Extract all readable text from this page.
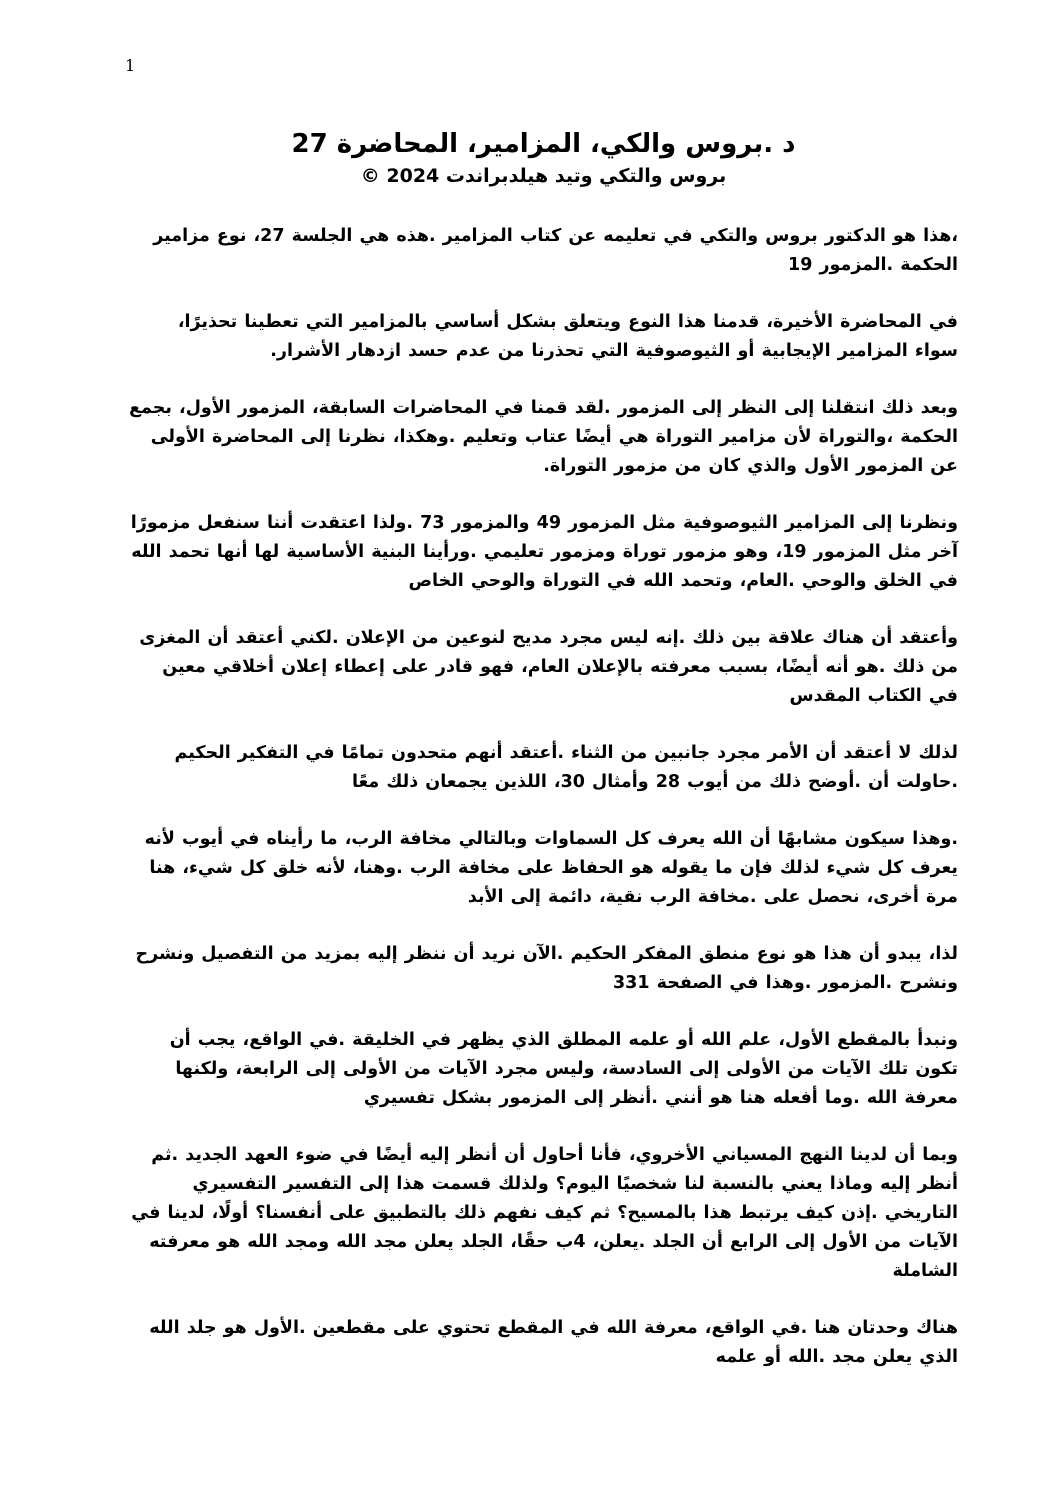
1
د .بروس والكي، المزامير، المحاضرة 27
بروس والتكي وتيد هيلدبراندت 2024 ©

،هذا هو الدكتور بروس والتكي في تعليمه عن كتاب المزامير .هذه هي الجلسة 27، نوع مزامير الحكمة .المزمور 19

في المحاضرة الأخيرة، قدمنا هذا النوع ويتعلق بشكل أساسي بالمزامير التي تعطينا تحذيرًا، سواء المزامير الإيجابية أو الثيوصوفية التي تحذرنا من عدم حسد ازدهار الأشرار.

وبعد ذلك انتقلنا إلى النظر إلى المزمور .لقد قمنا في المحاضرات السابقة، المزمور الأول، بجمع الحكمة ،والتوراة لأن مزامير التوراة هي أيضًا عتاب وتعليم .وهكذا، نظرنا إلى المحاضرة الأولى عن المزمور الأول والذي كان من مزمور التوراة.

ونظرنا إلى المزامير الثيوصوفية مثل المزمور 49 والمزمور 73 .ولذا اعتقدت أننا سنفعل مزمورًا آخر مثل المزمور 19، وهو مزمور توراة ومزمور تعليمي .ورأينا البنية الأساسية لها أنها تحمد الله في الخلق والوحي .العام، وتحمد الله في التوراة والوحي الخاص

وأعتقد أن هناك علاقة بين ذلك .إنه ليس مجرد مديح لنوعين من الإعلان .لكني أعتقد أن المغزى من ذلك .هو أنه أيضًا، بسبب معرفته بالإعلان العام، فهو قادر على إعطاء إعلان أخلاقي معين في الكتاب المقدس

لذلك لا أعتقد أن الأمر مجرد جانبين من الثناء .أعتقد أنهم متحدون تمامًا في التفكير الحكيم .حاولت أن .أوضح ذلك من أيوب 28 وأمثال 30، اللذين يجمعان ذلك معًا

.وهذا سيكون مشابهًا أن الله يعرف كل السماوات وبالتالي مخافة الرب، ما رأيناه في أيوب لأنه يعرف كل شيء لذلك فإن ما يقوله هو الحفاظ على مخافة الرب .وهنا، لأنه خلق كل شيء، هنا مرة أخرى، نحصل على .مخافة الرب نقية، دائمة إلى الأبد

لذا، يبدو أن هذا هو نوع منطق المفكر الحكيم .الآن نريد أن ننظر إليه بمزيد من التفصيل ونشرح ونشرح .المزمور .وهذا في الصفحة 331

ونبدأ بالمقطع الأول، علم الله أو علمه المطلق الذي يظهر في الخليقة .في الواقع، يجب أن تكون تلك الآيات من الأولى إلى السادسة، وليس مجرد الآيات من الأولى إلى الرابعة، ولكنها معرفة الله .وما أفعله هنا هو أنني .أنظر إلى المزمور بشكل تفسيري

وبما أن لدينا النهج المسياني الأخروي، فأنا أحاول أن أنظر إليه أيضًا في ضوء العهد الجديد .ثم أنظر إليه وماذا يعني بالنسبة لنا شخصيًا اليوم؟ ولذلك قسمت هذا إلى التفسير التفسيري التاريخي .إذن كيف يرتبط هذا بالمسيح؟ ثم كيف نفهم ذلك بالتطبيق على أنفسنا؟ أولًا، لدينا في الآيات من الأول إلى الرابع أن الجلد .يعلن، 4ب حقًا، الجلد يعلن مجد الله ومجد الله هو معرفته الشاملة

هناك وحدتان هنا .في الواقع، معرفة الله في المقطع تحتوي على مقطعين .الأول هو جلد الله الذي يعلن مجد .الله أو علمه
